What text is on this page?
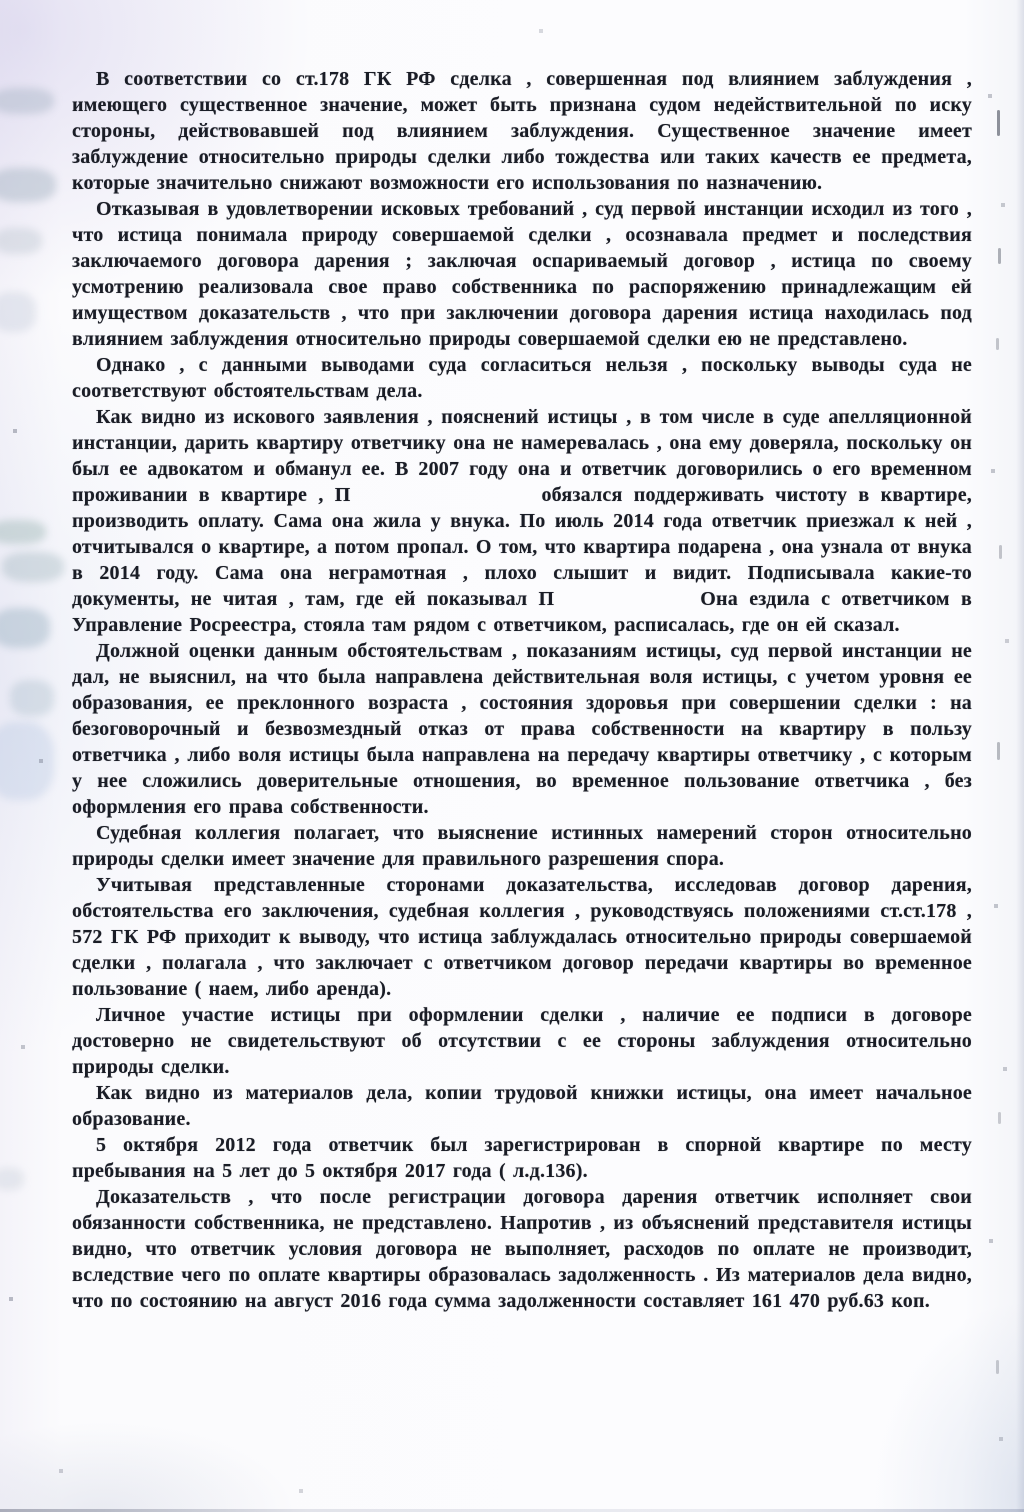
В соответствии со ст.178 ГК РФ сделка , совершенная под влиянием заблуждения , имеющего существенное значение, может быть признана судом недействительной по иску стороны, действовавшей под влиянием заблуждения. Существенное значение имеет заблуждение относительно природы сделки либо тождества или таких качеств ее предмета, которые значительно снижают возможности его использования по назначению.

Отказывая в удовлетворении исковых требований , суд первой инстанции исходил из того , что истица понимала природу совершаемой сделки , осознавала предмет и последствия заключаемого договора дарения ; заключая оспариваемый договор , истица по своему усмотрению реализовала свое право собственника по распоряжению принадлежащим ей имуществом доказательств , что при заключении договора дарения истица находилась под влиянием заблуждения относительно природы совершаемой сделки ею не представлено.

Однако , с данными выводами суда согласиться нельзя , поскольку выводы суда не соответствуют обстоятельствам дела.

Как видно из искового заявления , пояснений истицы , в том числе в суде апелляционной инстанции, дарить квартиру ответчику она не намеревалась , она ему доверяла, поскольку он был ее адвокатом и обманул ее. В 2007 году она и ответчик договорились о его временном проживании в квартире , П                 обязался поддерживать чистоту в квартире, производить оплату. Сама она жила у внука. По июль 2014 года ответчик приезжал к ней , отчитывался о квартире, а потом пропал. О том, что квартира подарена , она узнала от внука в 2014 году. Сама она неграмотная , плохо слышит и видит. Подписывала какие-то документы, не читая , там, где ей показывал П             Она ездила с ответчиком в Управление Росреестра, стояла там рядом с ответчиком, расписалась, где он ей сказал.

Должной оценки данным обстоятельствам , показаниям истицы, суд первой инстанции не дал, не выяснил, на что была направлена действительная воля истицы, с учетом уровня ее образования, ее преклонного возраста , состояния здоровья при совершении сделки : на безоговорочный и безвозмездный отказ от права собственности на квартиру в пользу ответчика , либо воля истицы была направлена на передачу квартиры ответчику , с которым у нее сложились доверительные отношения, во временное пользование ответчика , без оформления его права собственности.

Судебная коллегия полагает, что выяснение истинных намерений сторон относительно природы сделки имеет значение для правильного разрешения спора.

Учитывая представленные сторонами доказательства, исследовав договор дарения, обстоятельства его заключения, судебная коллегия , руководствуясь положениями ст.ст.178 , 572 ГК РФ приходит к выводу, что истица заблуждалась относительно природы совершаемой сделки , полагала , что заключает с ответчиком договор передачи квартиры во временное пользование ( наем, либо аренда).

Личное участие истицы при оформлении сделки , наличие ее подписи в договоре достоверно не свидетельствуют об отсутствии с ее стороны заблуждения относительно природы сделки.

Как видно из материалов дела, копии трудовой книжки истицы, она имеет начальное образование.

5 октября 2012 года ответчик был зарегистрирован в спорной квартире по месту пребывания на 5 лет до 5 октября 2017 года ( л.д.136).

Доказательств , что после регистрации договора дарения ответчик исполняет свои обязанности собственника, не представлено. Напротив , из объяснений представителя истицы видно, что ответчик условия договора не выполняет, расходов по оплате не производит, вследствие чего по оплате квартиры образовалась задолженность . Из материалов дела видно, что по состоянию на август 2016 года сумма задолженности составляет 161 470 руб.63 коп.
